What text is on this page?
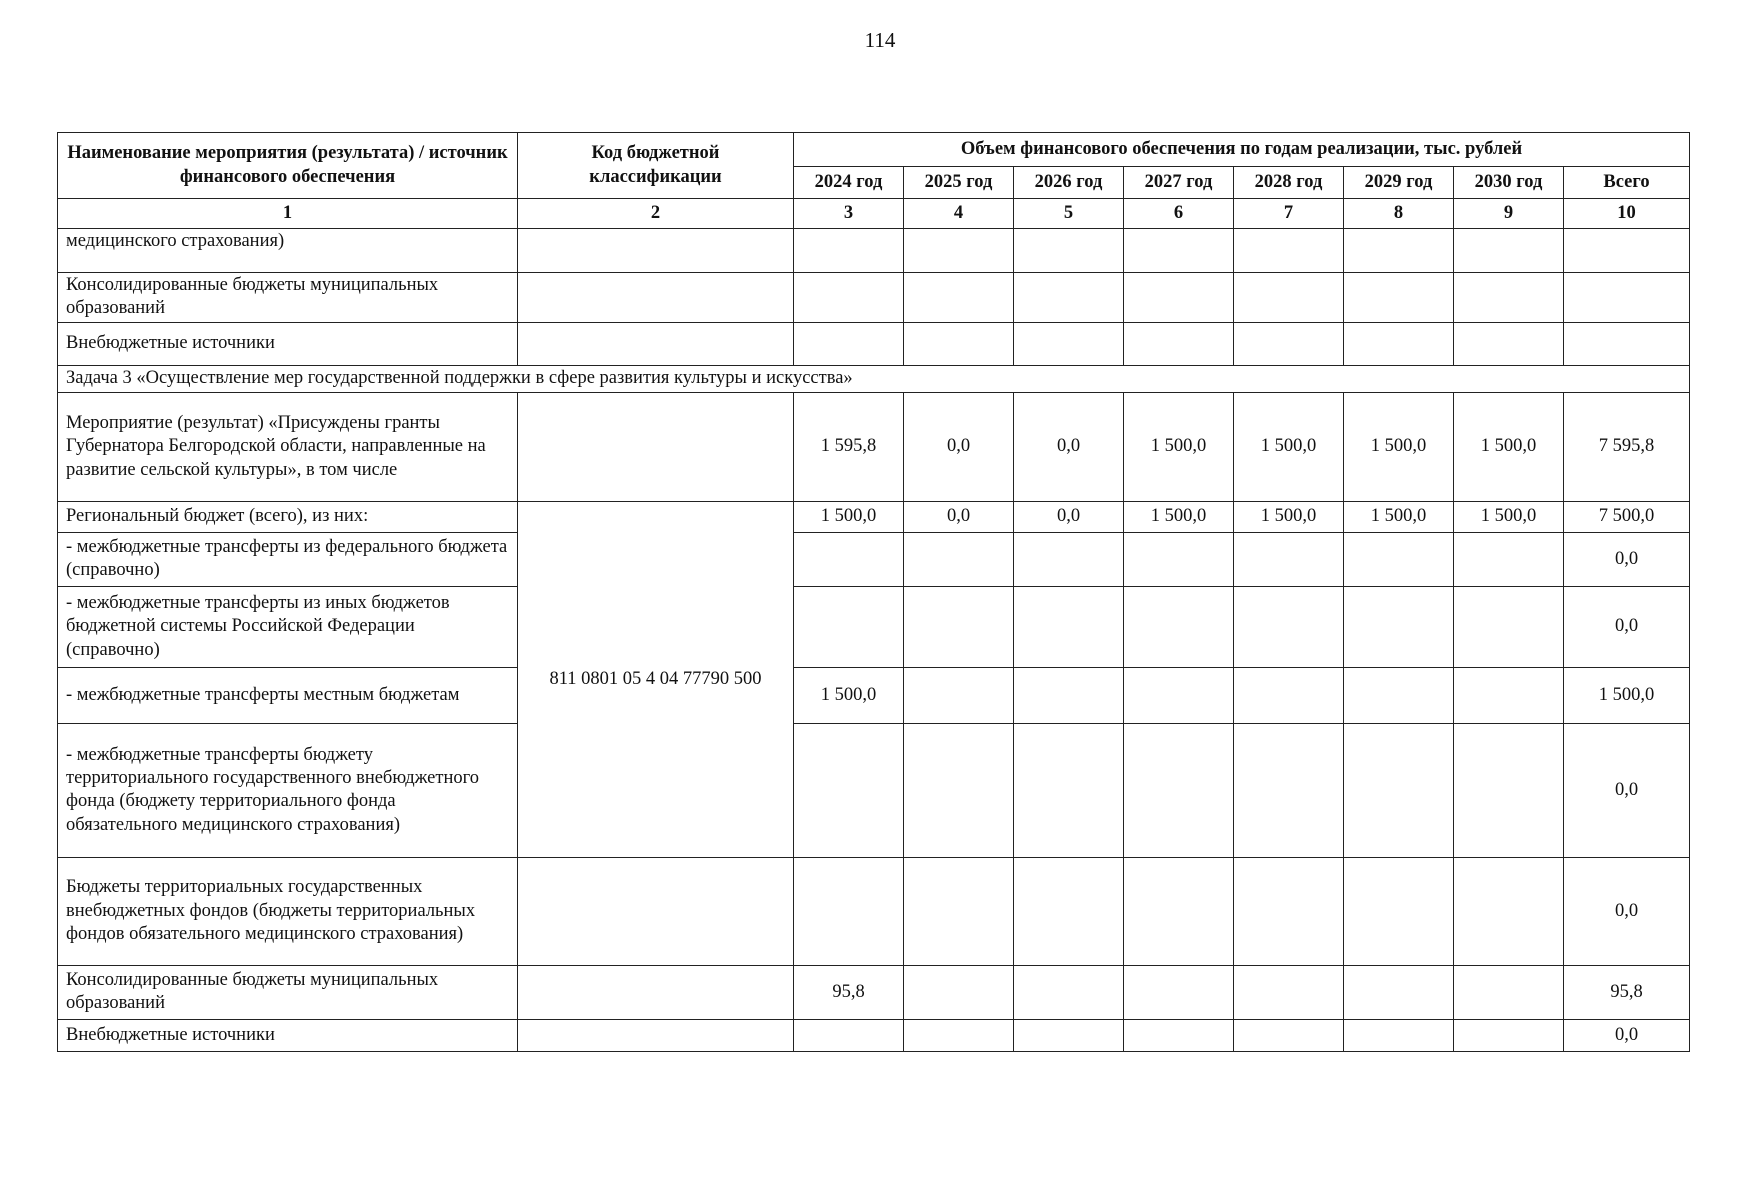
114
Наименование мероприятия (результата) / источник финансового обеспечения	Код бюджетной классификации	Объем финансового обеспечения по годам реализации, тыс. рублей							
		2024 год	2025 год	2026 год	2027 год	2028 год	2029 год	2030 год	Всего
1	2	3	4	5	6	7	8	9	10
медицинского страхования)									
Консолидированные бюджеты муниципальных образований									
Внебюджетные источники									
Задача 3 «Осуществление мер государственной поддержки в сфере развития культуры и искусства»									
Мероприятие (результат) «Присуждены гранты Губернатора Белгородской области, направленные на развитие сельской культуры», в том числе		1 595,8	0,0	0,0	1 500,0	1 500,0	1 500,0	1 500,0	7 595,8
Региональный бюджет (всего), из них:	811 0801 05 4 04 77790 500	1 500,0	0,0	0,0	1 500,0	1 500,0	1 500,0	1 500,0	7 500,0
- межбюджетные трансферты из федерального бюджета (справочно)									0,0
- межбюджетные трансферты из иных бюджетов бюджетной системы Российской Федерации (справочно)									0,0
- межбюджетные трансферты местным бюджетам		1 500,0							1 500,0
- межбюджетные трансферты бюджету территориального государственного внебюджетного фонда (бюджету территориального фонда обязательного медицинского страхования)									0,0
Бюджеты территориальных государственных внебюджетных фондов (бюджеты территориальных фондов обязательного медицинского страхования)									0,0
Консолидированные бюджеты муниципальных образований		95,8							95,8
Внебюджетные источники									0,0
